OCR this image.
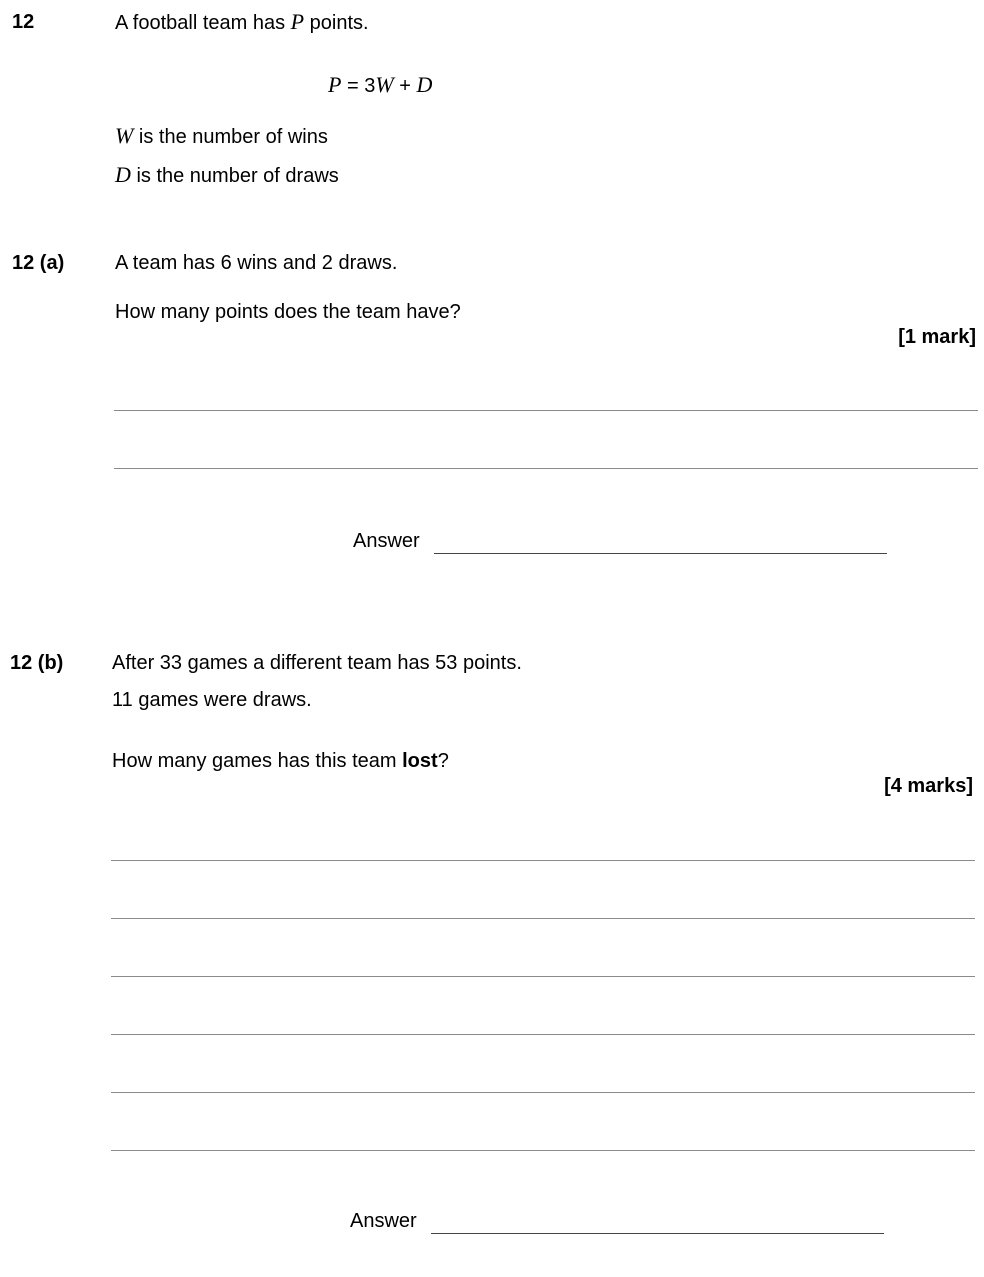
12	A football team has P points.
P = 3W + D
W is the number of wins
D is the number of draws
12 (a)	A team has 6 wins and 2 draws.
How many points does the team have?
[1 mark]
Answer
12 (b) After 33 games a different team has 53 points.
11 games were draws.
How many games has this team lost?
[4 marks]
Answer
